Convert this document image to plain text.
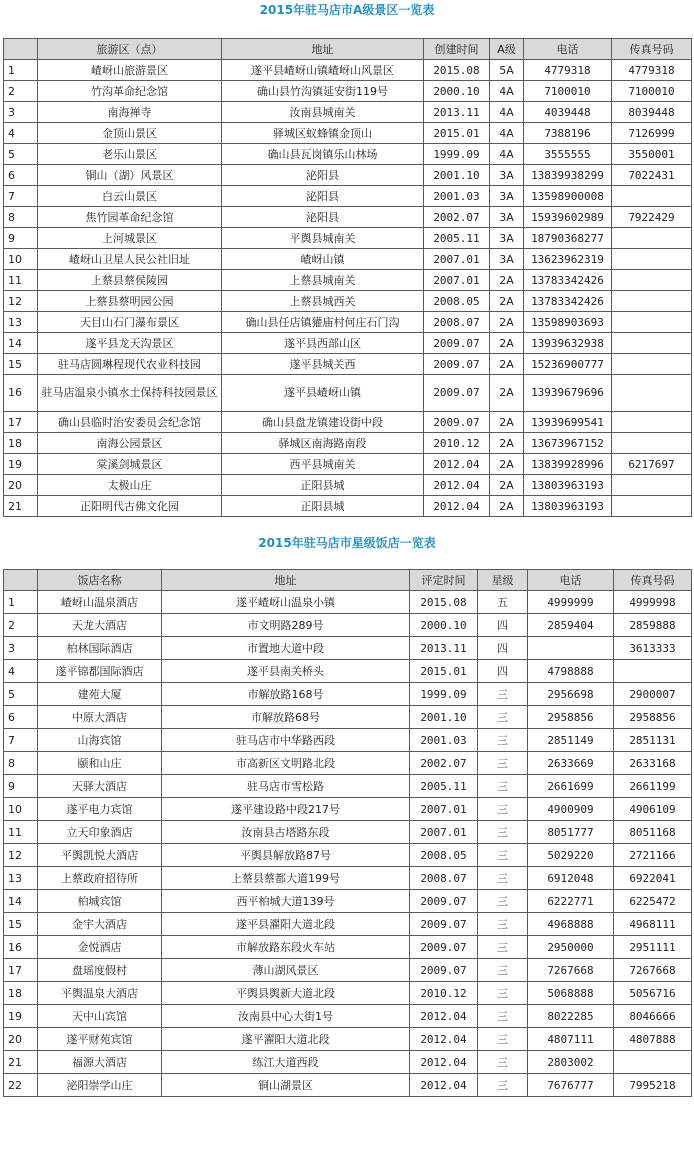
2015年驻马店市A级景区一览表
	旅游区（点）	地址	创建时间	A级	电话	传真号码
1	嵖岈山旅游景区	遂平县嵖岈山镇嵖岈山风景区	2015.08	5A	4779318	4779318
2	竹沟革命纪念馆	确山县竹沟镇延安街119号	2000.10	4A	7100010	7100010
3	南海禅寺	汝南县城南关	2013.11	4A	4039448	8039448
4	金顶山景区	驿城区蚁蜂镇金顶山	2015.01	4A	7388196	7126999
5	老乐山景区	确山县瓦岗镇乐山林场	1999.09	4A	3555555	3550001
6	铜山（湖）风景区	泌阳县	2001.10	3A	13839938299	7022431
7	白云山景区	泌阳县	2001.03	3A	13598900008	
8	焦竹园革命纪念馆	泌阳县	2002.07	3A	15939602989	7922429
9	上河城景区	平舆县城南关	2005.11	3A	18790368277	
10	嵖岈山卫星人民公社旧址	嵖岈山镇	2007.01	3A	13623962319	
11	上蔡县蔡侯陵园	上蔡县城南关	2007.01	2A	13783342426	
12	上蔡县蔡明园公园	上蔡县城西关	2008.05	2A	13783342426	
13	天目山石门瀑布景区	确山县任店镇獾庙村何庄石门沟	2008.07	2A	13598903693	
14	遂平县龙天沟景区	遂平县西部山区	2009.07	2A	13939632938	
15	驻马店圆琳程现代农业科技园	遂平县城关西	2009.07	2A	15236900777	
16	驻马店温泉小镇水土保持科技园景区	遂平县嵖岈山镇	2009.07	2A	13939679696	
17	确山县临时治安委员会纪念馆	确山县盘龙镇建设街中段	2009.07	2A	13939699541	
18	南海公园景区	驿城区南海路南段	2010.12	2A	13673967152	
19	棠溪剑城景区	西平县城南关	2012.04	2A	13839928996	6217697
20	太极山庄	正阳县城	2012.04	2A	13803963193	
21	正阳明代古佛文化园	正阳县城	2012.04	2A	13803963193	
2015年驻马店市星级饭店一览表
	饭店名称	地址	评定时间	星级	电话	传真号码
1	嵖岈山温泉酒店	遂平嵖岈山温泉小镇	2015.08	五	4999999	4999998
2	天龙大酒店	市文明路289号	2000.10	四	2859404	2859888
3	柏林国际酒店	市置地大道中段	2013.11	四		3613333
4	遂平锦都国际酒店	遂平县南关桥头	2015.01	四	4798888	
5	建苑大厦	市解放路168号	1999.09	三	2956698	2900007
6	中原大酒店	市解放路68号	2001.10	三	2958856	2958856
7	山海宾馆	驻马店市中华路西段	2001.03	三	2851149	2851131
8	颐和山庄	市高新区文明路北段	2002.07	三	2633669	2633168
9	天驿大酒店	驻马店市雪松路	2005.11	三	2661699	2661199
10	遂平电力宾馆	遂平建设路中段217号	2007.01	三	4900909	4906109
11	立天印象酒店	汝南县古塔路东段	2007.01	三	8051777	8051168
12	平舆凯悦大酒店	平舆县解放路87号	2008.05	三	5029220	2721166
13	上蔡政府招待所	上蔡县蔡都大道199号	2008.07	三	6912048	6922041
14	柏城宾馆	西平柏城大道139号	2009.07	三	6222771	6225472
15	金宇大酒店	遂平县濯阳大道北段	2009.07	三	4968888	4968111
16	金悦酒店	市解放路东段火车站	2009.07	三	2950000	2951111
17	盘瑶度假村	薄山湖风景区	2009.07	三	7267668	7267668
18	平舆温泉大酒店	平舆县舆新大道北段	2010.12	三	5068888	5056716
19	天中山宾馆	汝南县中心大街1号	2012.04	三	8022285	8046666
20	遂平财苑宾馆	遂平濯阳大道北段	2012.04	三	4807111	4807888
21	福源大酒店	练江大道西段	2012.04	三	2803002	
22	泌阳崇学山庄	铜山湖景区	2012.04	三	7676777	7995218
